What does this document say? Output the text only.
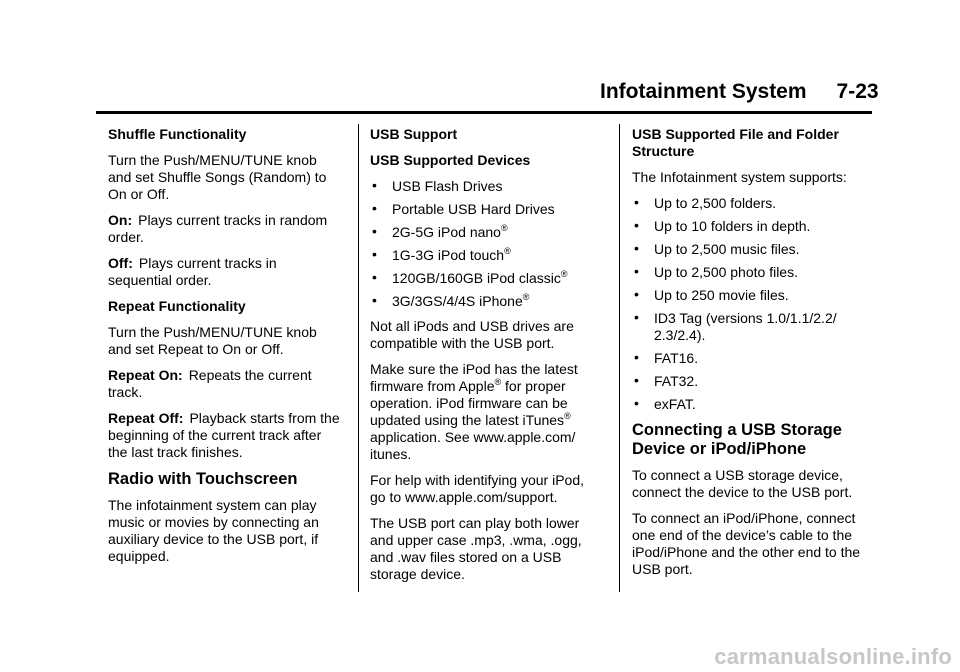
Infotainment System 7-23

Shuffle Functionality

Turn the Push/MENU/TUNE knob and set Shuffle Songs (Random) to On or Off.

On: Plays current tracks in random order.

Off: Plays current tracks in sequential order.

Repeat Functionality

Turn the Push/MENU/TUNE knob and set Repeat to On or Off.

Repeat On: Repeats the current track.

Repeat Off: Playback starts from the beginning of the current track after the last track finishes.

Radio with Touchscreen

The infotainment system can play music or movies by connecting an auxiliary device to the USB port, if equipped.

USB Support

USB Supported Devices

• USB Flash Drives
• Portable USB Hard Drives
• 2G-5G iPod nano®
• 1G-3G iPod touch®
• 120GB/160GB iPod classic®
• 3G/3GS/4/4S iPhone®

Not all iPods and USB drives are compatible with the USB port.

Make sure the iPod has the latest firmware from Apple® for proper operation. iPod firmware can be updated using the latest iTunes® application. See www.apple.com/ itunes.

For help with identifying your iPod, go to www.apple.com/support.

The USB port can play both lower and upper case .mp3, .wma, .ogg, and .wav files stored on a USB storage device.

USB Supported File and Folder Structure

The Infotainment system supports:

• Up to 2,500 folders.
• Up to 10 folders in depth.
• Up to 2,500 music files.
• Up to 2,500 photo files.
• Up to 250 movie files.
• ID3 Tag (versions 1.0/1.1/2.2/ 2.3/2.4).
• FAT16.
• FAT32.
• exFAT.
Connecting a USB Storage Device or iPod/iPhone

To connect a USB storage device, connect the device to the USB port.

To connect an iPod/iPhone, connect one end of the device’s cable to the iPod/iPhone and the other end to the USB port.

carmanualsonline.info
